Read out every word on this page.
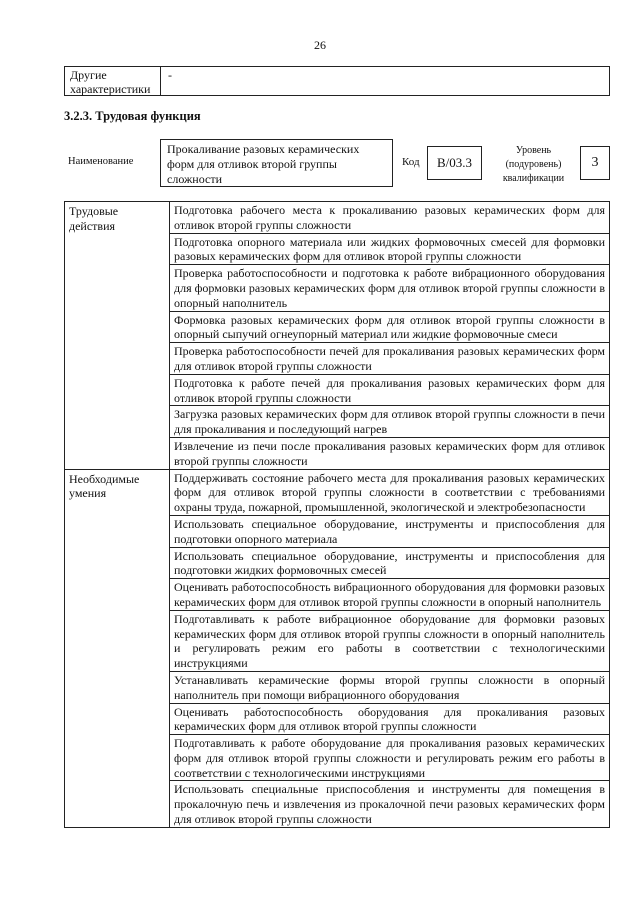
26
Другие характеристики
-
3.2.3. Трудовая функция
Наименование
Прокаливание разовых керамических форм для отливок второй группы сложности
Код	В/03.3
Уровень (подуровень) квалификации
3
Трудовые действия	Подготовка рабочего места к прокаливанию разовых керамических форм для отливок второй группы сложности
	Подготовка опорного материала или жидких формовочных смесей для формовки разовых керамических форм для отливок второй группы сложности
	Проверка работоспособности и подготовка к работе вибрационного оборудования для формовки разовых керамических форм для отливок второй группы сложности в опорный наполнитель
	Формовка разовых керамических форм для отливок второй группы сложности в опорный сыпучий огнеупорный материал или жидкие формовочные смеси
	Проверка работоспособности печей для прокаливания разовых керамических форм для отливок второй группы сложности
	Подготовка к работе печей для прокаливания разовых керамических форм для отливок второй группы сложности
	Загрузка разовых керамических форм для отливок второй группы сложности в печи для прокаливания и последующий нагрев
	Извлечение из печи после прокаливания разовых керамических форм для отливок второй группы сложности
Необходимые умения	Поддерживать состояние рабочего места для прокаливания разовых керамических форм для отливок второй группы сложности в соответствии с требованиями охраны труда, пожарной, промышленной, экологической и электробезопасности
	Использовать специальное оборудование, инструменты и приспособления для подготовки опорного материала
	Использовать специальное оборудование, инструменты и приспособления для подготовки жидких формовочных смесей
	Оценивать работоспособность вибрационного оборудования для формовки разовых керамических форм для отливок второй группы сложности в опорный наполнитель
	Подготавливать к работе вибрационное оборудование для формовки разовых керамических форм для отливок второй группы сложности в опорный наполнитель и регулировать режим его работы в соответствии с технологическими инструкциями
	Устанавливать керамические формы второй группы сложности в опорный наполнитель при помощи вибрационного оборудования
	Оценивать работоспособность оборудования для прокаливания разовых керамических форм для отливок второй группы сложности
	Подготавливать к работе оборудование для прокаливания разовых керамических форм для отливок второй группы сложности и регулировать режим его работы в соответствии с технологическими инструкциями
	Использовать специальные приспособления и инструменты для помещения в прокалочную печь и извлечения из прокалочной печи разовых керамических форм для отливок второй группы сложности
